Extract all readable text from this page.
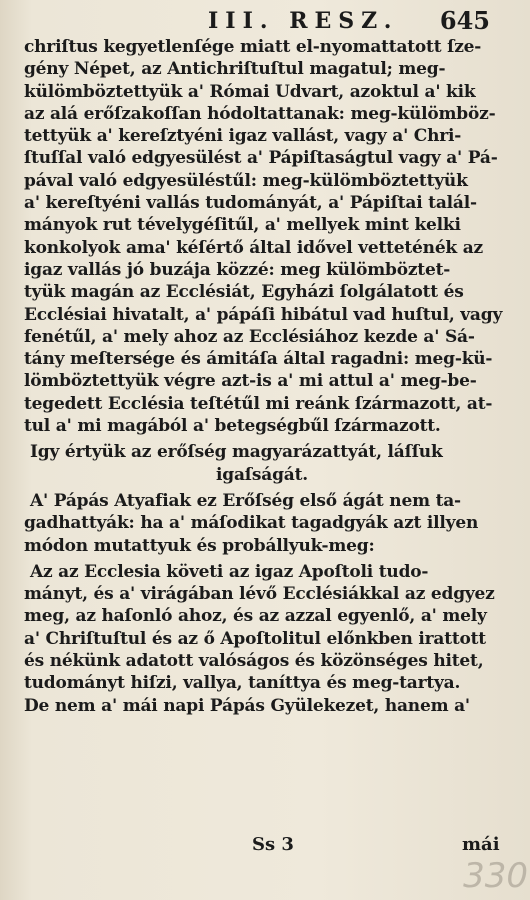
III. RESZ. 645
chriſtus kegyetlenſége miatt el-nyomattatott ſze-
gény Népet, az Antichriſtuſtul magatul; meg-
külömböztettyük a' Római Udvart, azoktul a' kik
az alá erőſzakoſſan hódoltattanak: meg-külömböz-
tettyük a' kereſztyéni igaz vallást, vagy a' Chri-
ſtuſſal való edgyesülést a' Pápiſtaságtul vagy a' Pá-
pával való edgyesüléstűl: meg-külömböztettyük
a' kereſtyéni vallás tudományát, a' Pápiſtai talál-
mányok rut tévelygéſitűl, a' mellyek mint kelki
konkolyok ama' kéſértő által idővel vetteténék az
igaz vallás jó buzája közzé: meg külömböztet-
tyük magán az Ecclésiát, Egyházi ſolgálatott és
Ecclésiai hivatalt, a' pápáſi hibátul vad huſtul, vagy
fenétűl, a' mely ahoz az Ecclésiához kezde a' Sá-
tány meſtersége és ámitáſa által ragadni: meg-kü-
lömböztettyük végre azt-is a' mi attul a' meg-be-
tegedett Ecclésia teſtétűl mi reánk ſzármazott, at-
tul a' mi magából a' betegségbűl ſzármazott.
Igy értyük az erőſség magyarázattyát, láſſuk
igaſságát.
A' Pápás Atyafiak ez Erőſség első ágát nem ta-
gadhattyák: ha a' máſodikat tagadgyák azt illyen
módon mutattyuk és probállyuk-meg:
Az az Ecclesia követi az igaz Apoſtoli tudo-
mányt, és a' virágában lévő Ecclésiákkal az edgyez
meg, az haſonló ahoz, és az azzal egyenlő, a' mely
a' Chriſtuſtul és az ő Apoſtolitul előnkben irattott
és nékünk adatott valóságos és közönséges hitet,
tudományt hiſzi, vallya, taníttya és meg-tartya.
De nem a' mái napi Pápás Gyülekezet, hanem a'
Ss 3	mái
330
